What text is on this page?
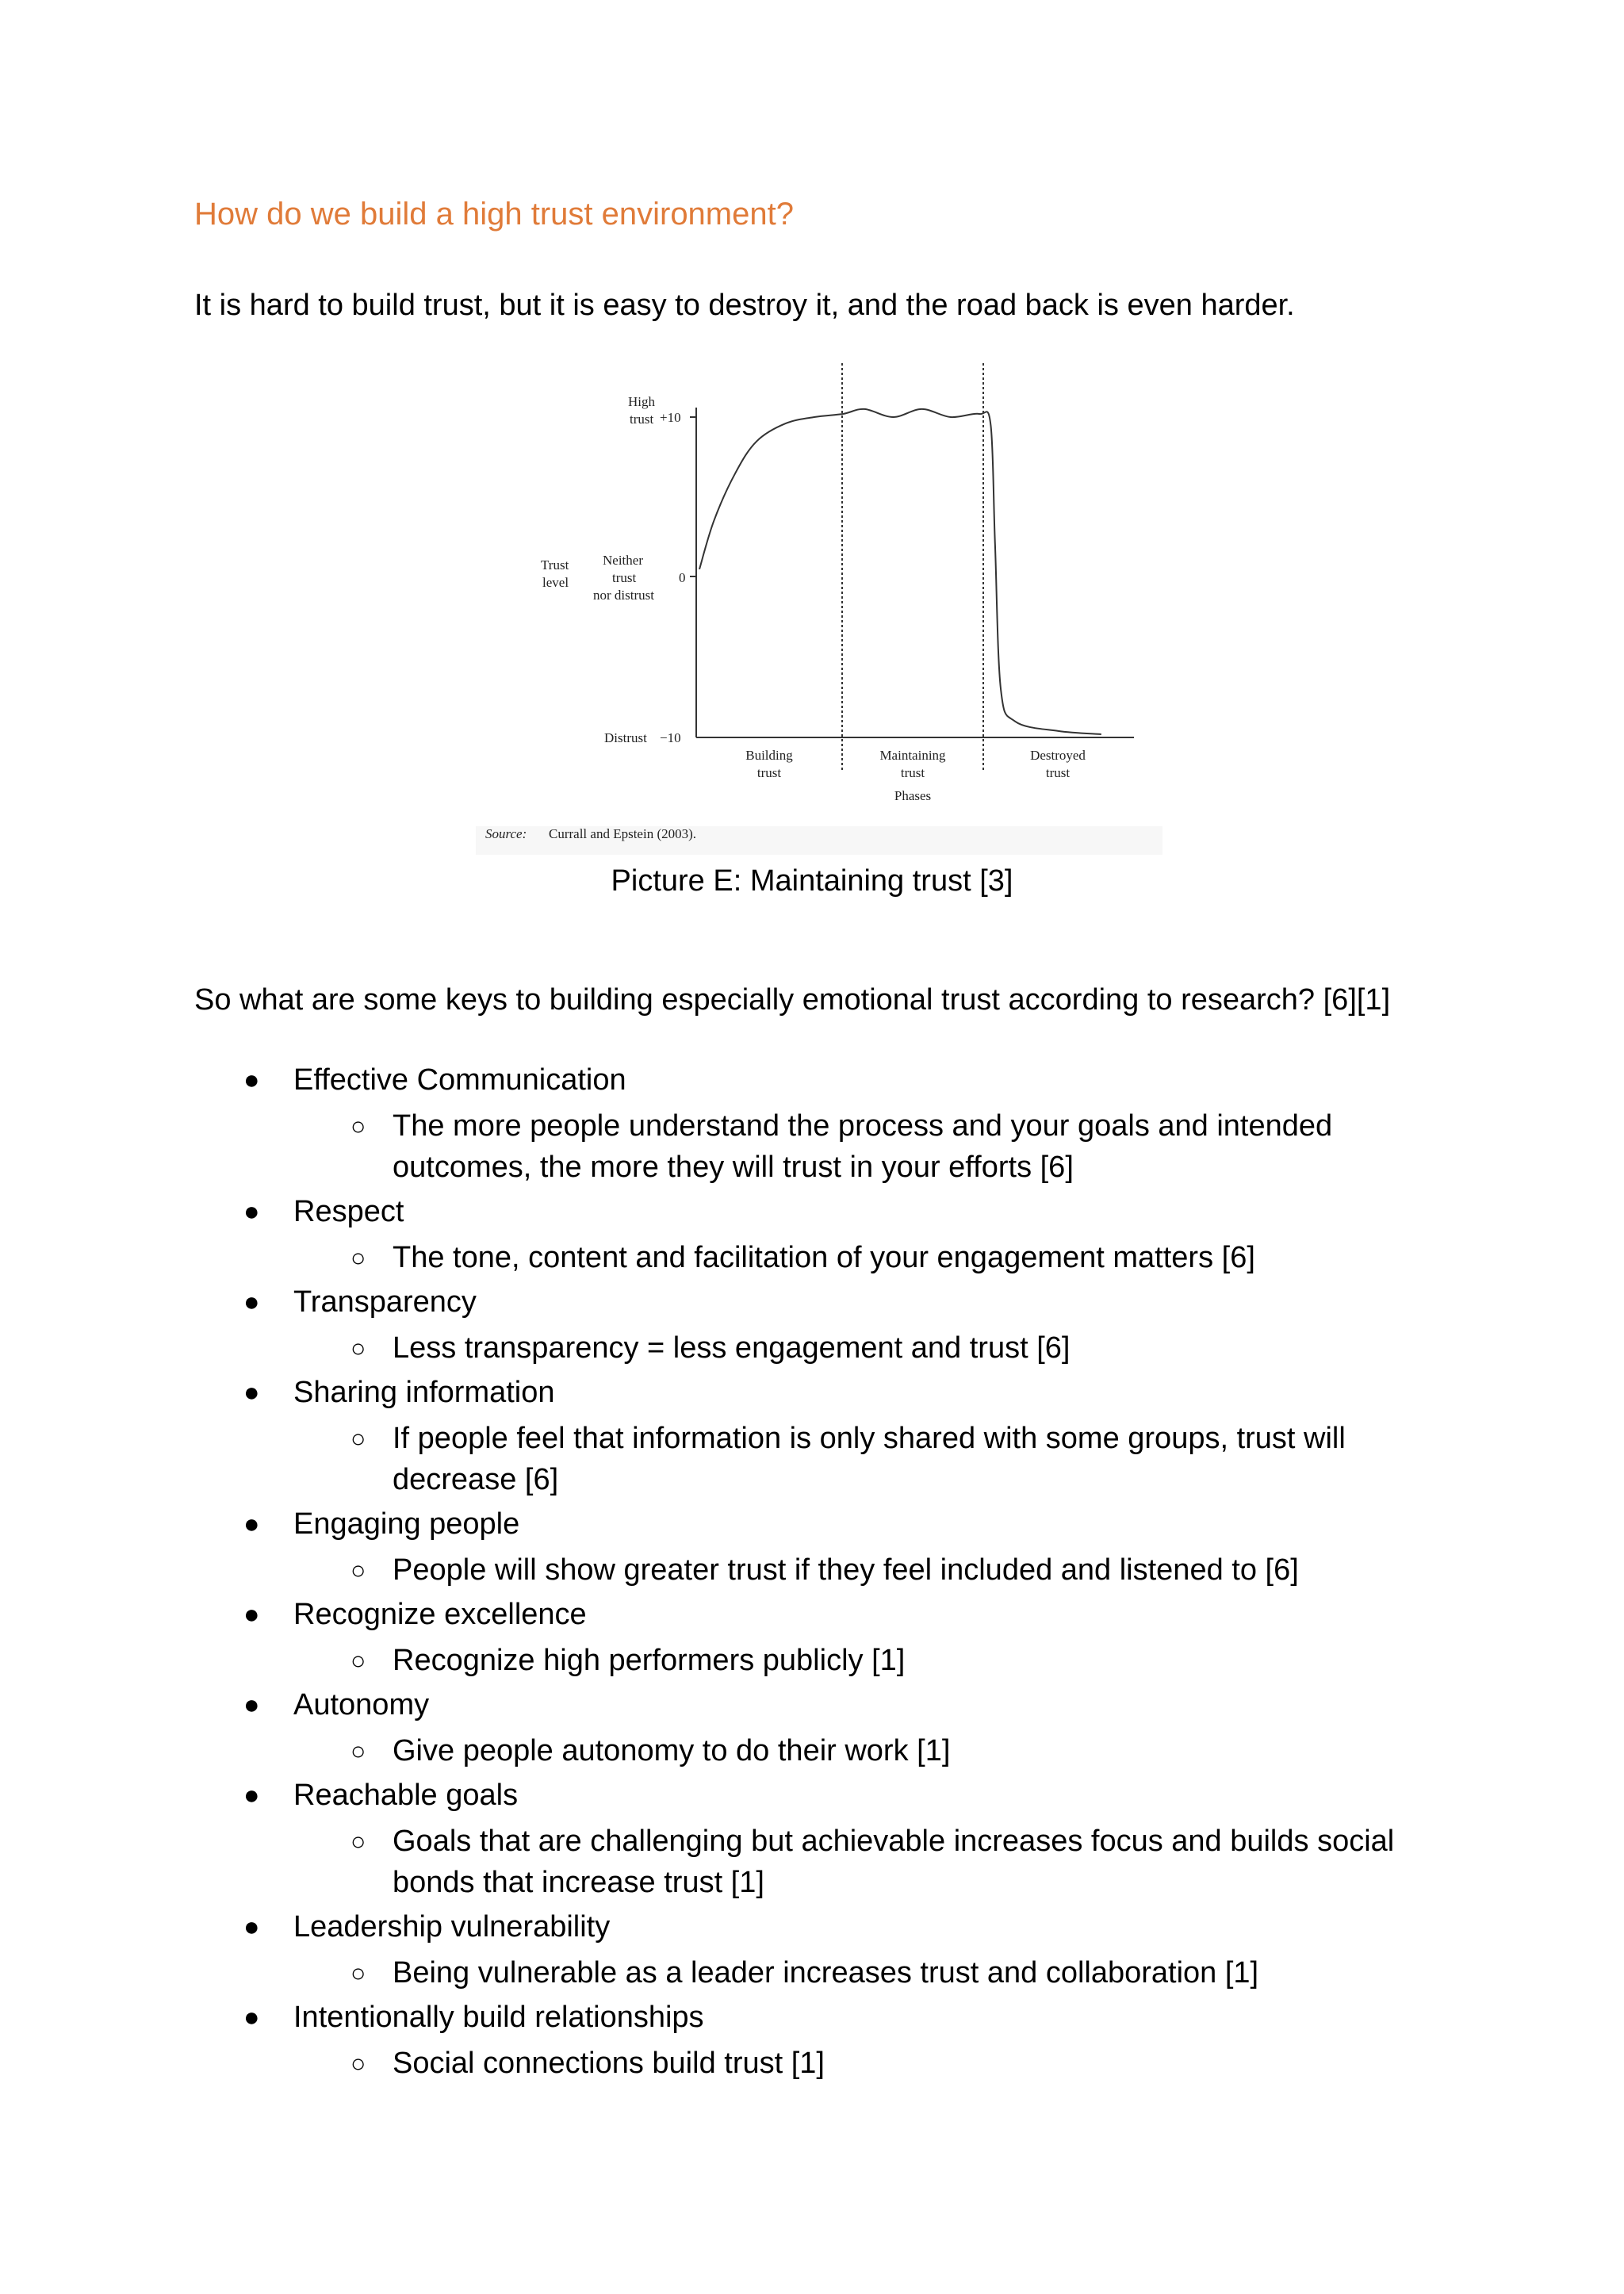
How do we build a high trust environment?

It is hard to build trust, but it is easy to destroy it, and the road back is even harder.

High
trust +10
Neither
trust
nor distrust
0
Trust
level
Distrust −10
Building
trust
Maintaining
trust
Destroyed
trust
Phases
Source: Currall and Epstein (2003).
Picture E: Maintaining trust [3]

So what are some keys to building especially emotional trust according to research? [6][1]

● Effective Communication
○ The more people understand the process and your goals and intended outcomes, the more they will trust in your efforts [6]
● Respect
○ The tone, content and facilitation of your engagement matters [6]
● Transparency
○ Less transparency = less engagement and trust [6]
● Sharing information
○ If people feel that information is only shared with some groups, trust will decrease [6]
● Engaging people
○ People will show greater trust if they feel included and listened to [6]
● Recognize excellence
○ Recognize high performers publicly [1]
● Autonomy
○ Give people autonomy to do their work [1]
● Reachable goals
○ Goals that are challenging but achievable increases focus and builds social bonds that increase trust [1]
● Leadership vulnerability
○ Being vulnerable as a leader increases trust and collaboration [1]
● Intentionally build relationships
○ Social connections build trust [1]
